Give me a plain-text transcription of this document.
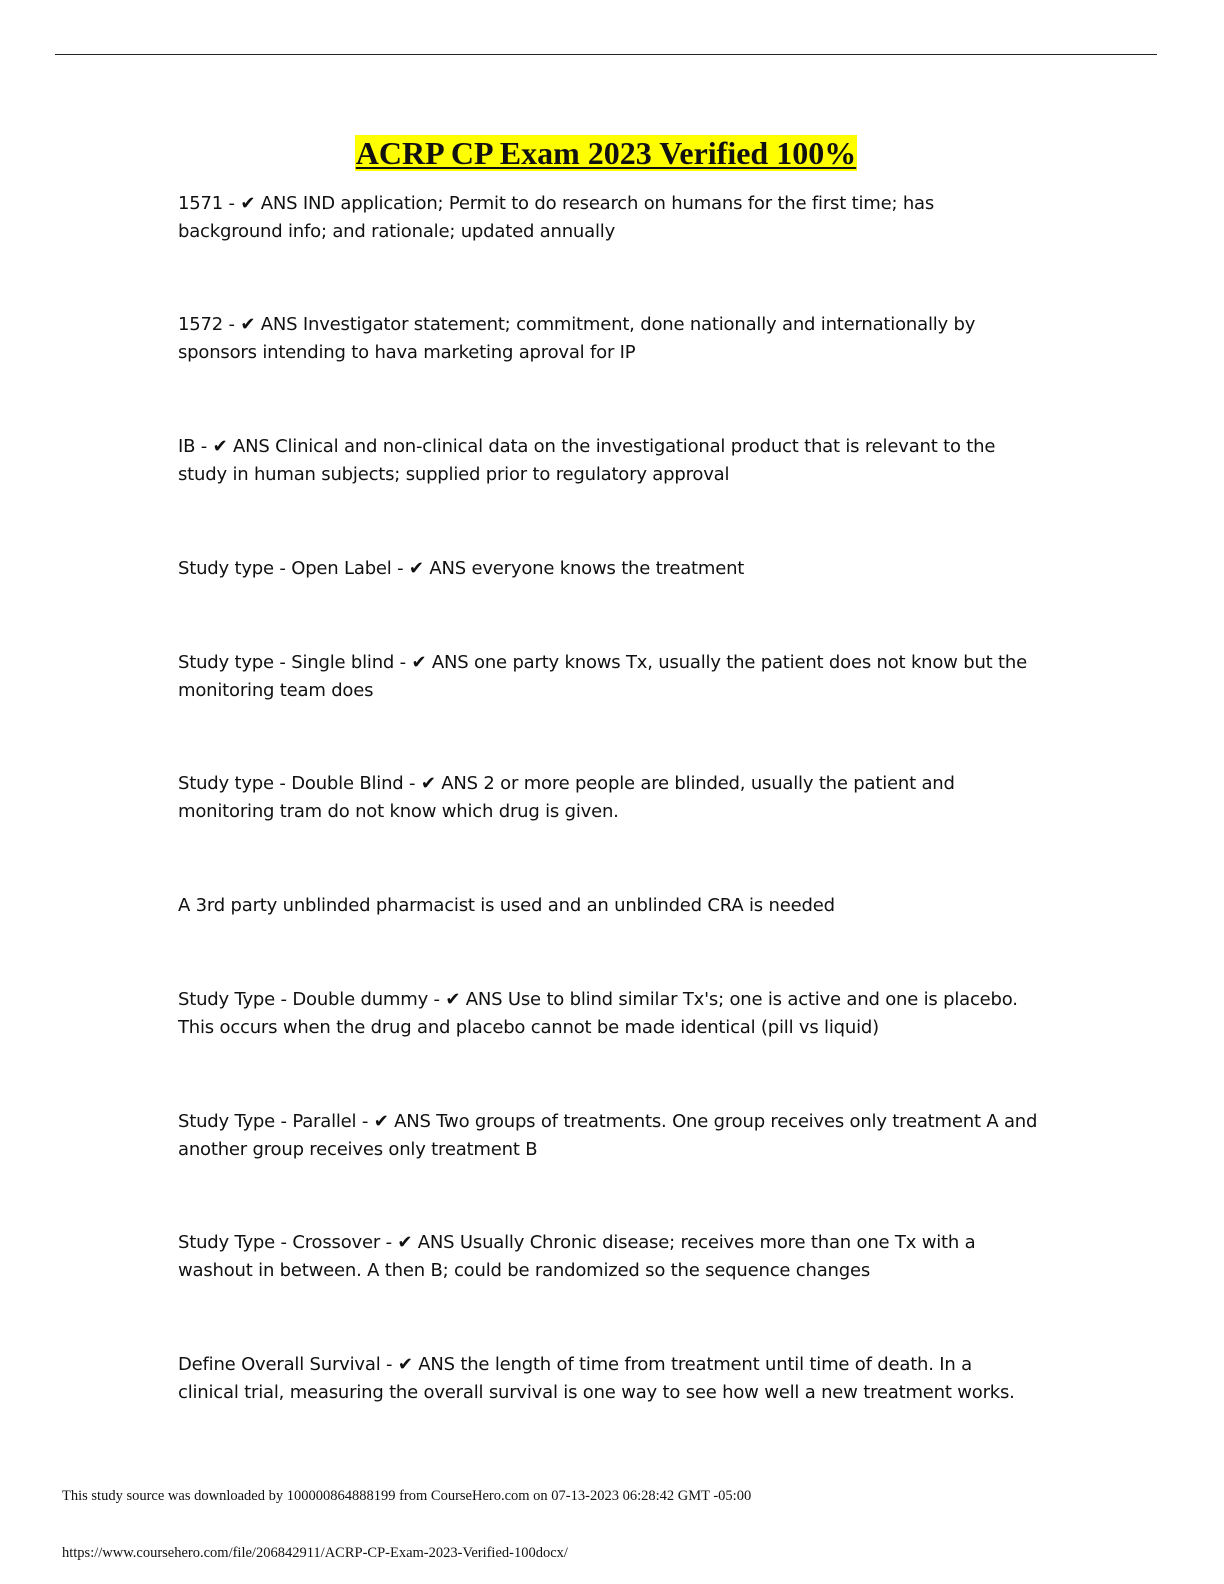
ACRP CP Exam 2023 Verified 100%

1571 - ✔ ANS IND application; Permit to do research on humans for the first time; has background info; and rationale; updated annually

1572 - ✔ ANS Investigator statement; commitment, done nationally and internationally by sponsors intending to hava marketing aproval for IP

IB - ✔ ANS Clinical and non-clinical data on the investigational product that is relevant to the study in human subjects; supplied prior to regulatory approval

Study type - Open Label - ✔ ANS everyone knows the treatment

Study type - Single blind - ✔ ANS one party knows Tx, usually the patient does not know but the monitoring team does

Study type - Double Blind - ✔ ANS 2 or more people are blinded, usually the patient and monitoring tram do not know which drug is given.

A 3rd party unblinded pharmacist is used and an unblinded CRA is needed

Study Type - Double dummy - ✔ ANS Use to blind similar Tx's; one is active and one is placebo. This occurs when the drug and placebo cannot be made identical (pill vs liquid)

Study Type - Parallel - ✔ ANS Two groups of treatments. One group receives only treatment A and another group receives only treatment B

Study Type - Crossover - ✔ ANS Usually Chronic disease; receives more than one Tx with a washout in between. A then B; could be randomized so the sequence changes

Define Overall Survival - ✔ ANS the length of time from treatment until time of death. In a clinical trial, measuring the overall survival is one way to see how well a new treatment works.

This study source was downloaded by 100000864888199 from CourseHero.com on 07-13-2023 06:28:42 GMT -05:00

https://www.coursehero.com/file/206842911/ACRP-CP-Exam-2023-Verified-100docx/
